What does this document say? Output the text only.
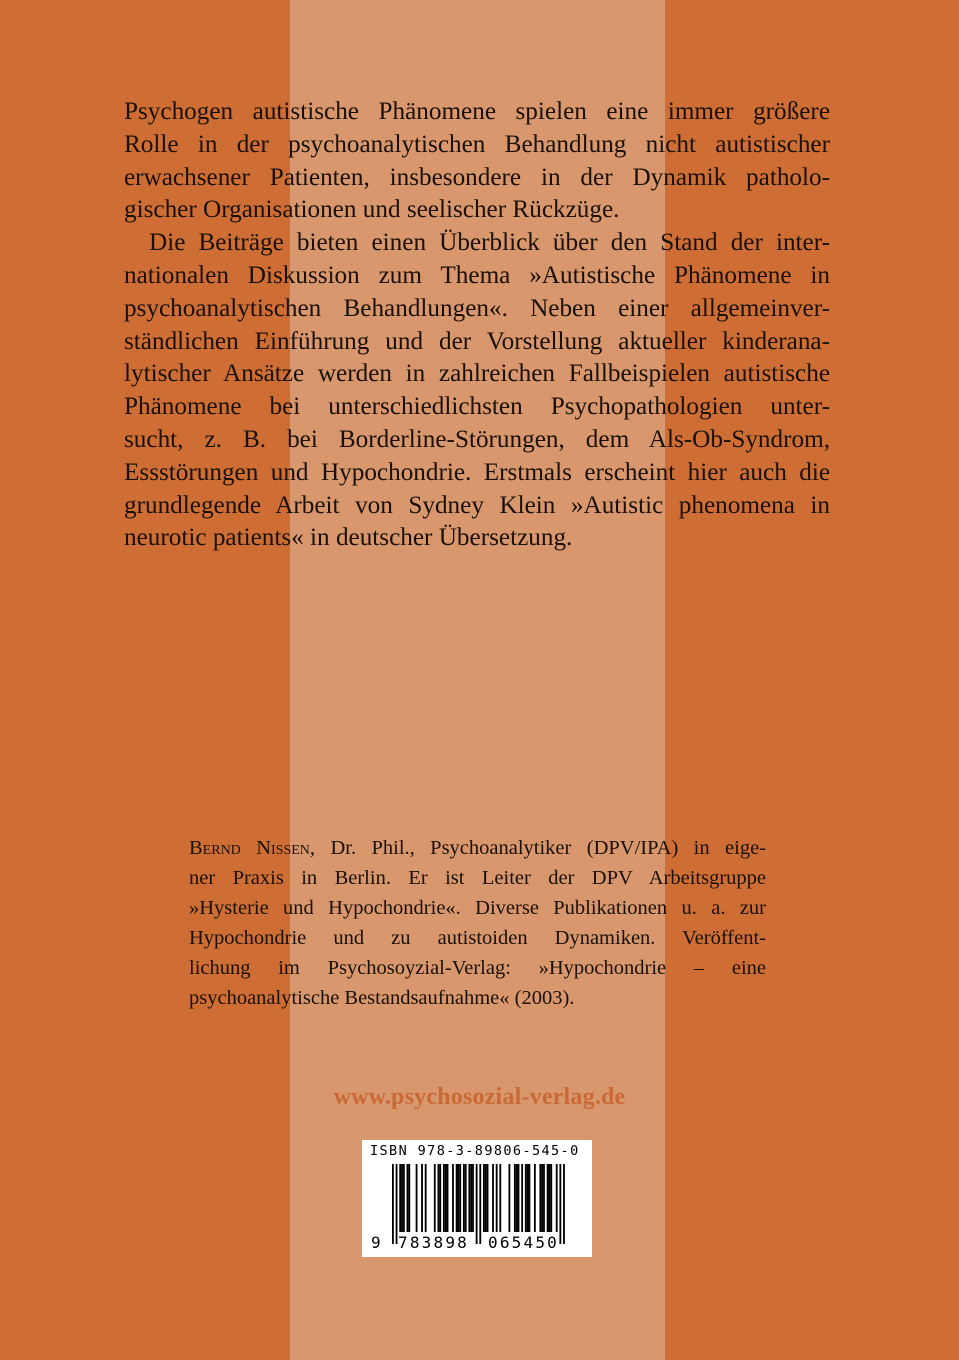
Psychogen autistische Phänomene spielen eine immer größere
Rolle in der psychoanalytischen Behandlung nicht autistischer
erwachsener Patienten, insbesondere in der Dynamik patholo-
gischer Organisationen und seelischer Rückzüge.

Die Beiträge bieten einen Überblick über den Stand der inter-
nationalen Diskussion zum Thema »Autistische Phänomene in
psychoanalytischen Behandlungen«. Neben einer allgemeinver-
ständlichen Einführung und der Vorstellung aktueller kinderana-
lytischer Ansätze werden in zahlreichen Fallbeispielen autistische
Phänomene bei unterschiedlichsten Psychopathologien unter-
sucht, z. B. bei Borderline-Störungen, dem Als-Ob-Syndrom,
Essstörungen und Hypochondrie. Erstmals erscheint hier auch die
grundlegende Arbeit von Sydney Klein »Autistic phenomena in
neurotic patients« in deutscher Übersetzung.

Bernd Nissen, Dr. Phil., Psychoanalytiker (DPV/IPA) in eige-
ner Praxis in Berlin. Er ist Leiter der DPV Arbeitsgruppe
»Hysterie und Hypochondrie«. Diverse Publikationen u. a. zur
Hypochondrie und zu autistoiden Dynamiken. Veröffent-
lichung im Psychosoyzial-Verlag: »Hypochondrie – eine
psychoanalytische Bestandsaufnahme« (2003).

www.psychosozial-verlag.de
ISBN 978-3-89806-545-0
9 783898 065450
